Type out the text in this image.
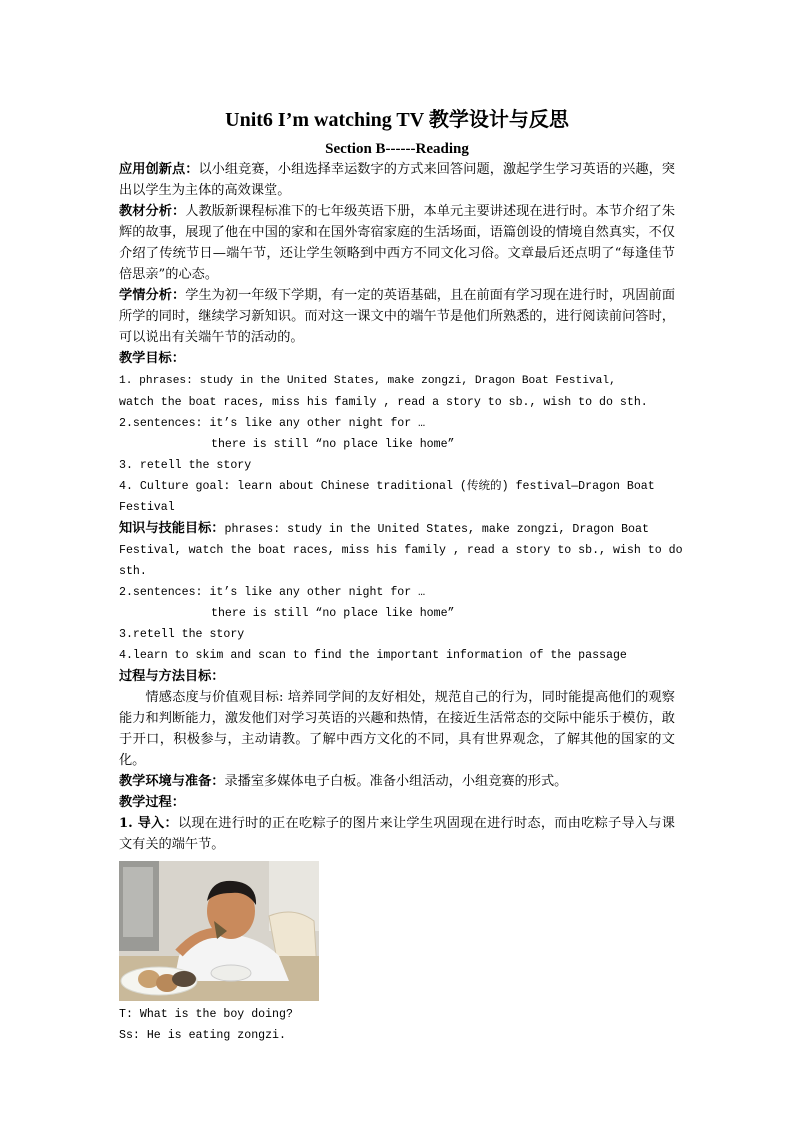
Unit6 I’m watching TV 教学设计与反思
Section B------Reading
应用创新点：以小组竞赛，小组选择幸运数字的方式来回答问题，激起学生学习英语的兴趣，突出以学生为主体的高效课堂。
教材分析：人教版新课程标准下的七年级英语下册，本单元主要讲述现在进行时。本节介绍了朱辉的故事，展现了他在中国的家和在国外寄宿家庭的生活场面，语篇创设的情境自然真实，不仅介绍了传统节日—端午节，还让学生领略到中西方不同文化习俗。文章最后还点明了“每逢佳节倍思亲”的心态。
学情分析：学生为初一年级下学期，有一定的英语基础，且在前面有学习现在进行时，巩固前面所学的同时，继续学习新知识。而对这一课文中的端午节是他们所熟悉的，进行阅读前问答时，可以说出有关端午节的活动的。
教学目标：1. phrases: study in the United States, make zongzi, Dragon Boat Festival,
watch the boat races, miss his family , read a story to sb., wish to do sth.
2.sentences: it’s like any other night for …
there is still “no place like home”
3. retell the story
4. Culture goal: learn about Chinese traditional (传统的) festival—Dragon Boat
Festival
知识与技能目标：phrases: study in the United States, make zongzi, Dragon Boat
Festival, watch the boat races, miss his family , read a story to sb., wish to do
sth.
2.sentences: it’s like any other night for …
there is still “no place like home”
3.retell the story
4.learn to skim and scan to find the important information of the passage
过程与方法目标：
情感态度与价值观目标: 培养同学间的友好相处，规范自己的行为，同时能提高他们的观察能力和判断能力，激发他们对学习英语的兴趣和热情，在接近生活常态的交际中能乐于模仿，敢于开口，积极参与，主动请教。了解中西方文化的不同，具有世界观念，了解其他的国家的文化。
教学环境与准备：录播室多媒体电子白板。准备小组活动，小组竞赛的形式。
教学过程：
1. 导入：以现在进行时的正在吃粽子的图片来让学生巩固现在进行时态，而由吃粽子导入与课文有关的端午节。
T: What is the boy doing?
Ss: He is eating zongzi.
